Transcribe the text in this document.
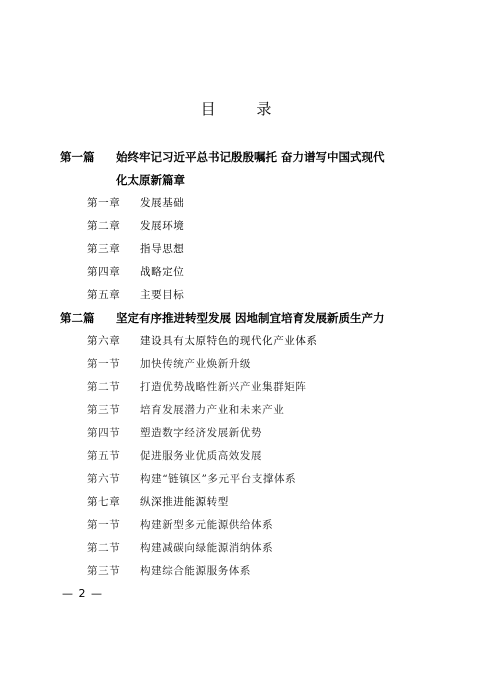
目 录
第一篇	始终牢记习近平总书记殷殷嘱托 奋力谱写中国式现代
化太原新篇章
第一章	发展基础
第二章	发展环境
第三章	指导思想
第四章	战略定位
第五章	主要目标
第二篇	坚定有序推进转型发展 因地制宜培育发展新质生产力
第六章	建设具有太原特色的现代化产业体系
第一节	加快传统产业焕新升级
第二节	打造优势战略性新兴产业集群矩阵
第三节	培育发展潜力产业和未来产业
第四节	塑造数字经济发展新优势
第五节	促进服务业优质高效发展
第六节	构建“链镇区”多元平台支撑体系
第七章	纵深推进能源转型
第一节	构建新型多元能源供给体系
第二节	构建减碳向绿能源消纳体系
第三节	构建综合能源服务体系
— 2 —
